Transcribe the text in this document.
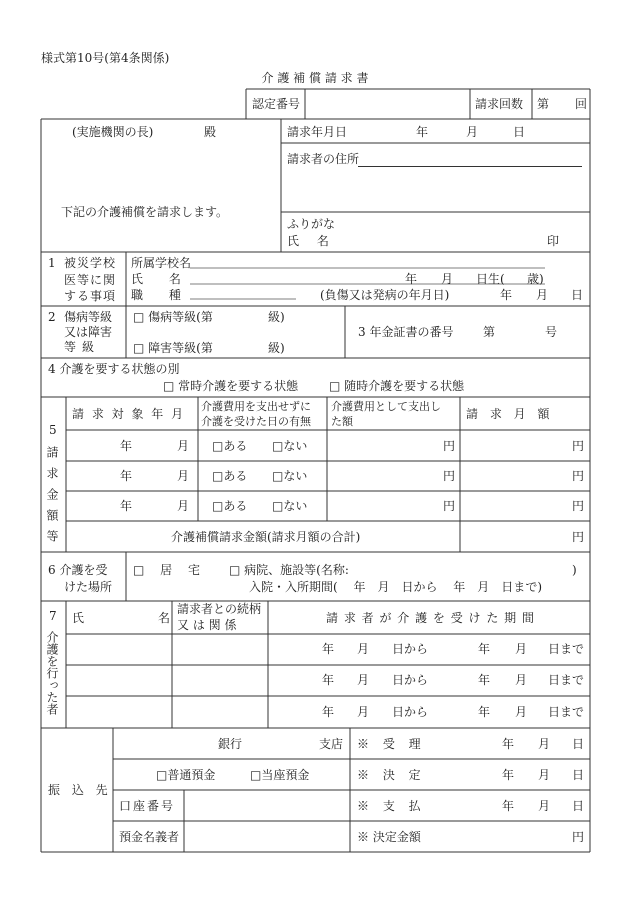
様式第10号(第4条関係)
介 護 補 償 請 求 書
認定番号	請求回数 第 回
(実施機関の長)	殿
下記の介護補償を請求します。
請求年月日	年	月	日
請求者の住所
ふりがな
氏 名	印
1 被災学校
医等に関
する事項
所属学校名
氏 名	年 月 日生( 歳)
職 種	(負傷又は発病の年月日)	年 月 日
2 傷病等級
又は障害
等級
□ 傷病等級(第	級)
□ 障害等級(第	級)
3 年金証書の番号 第	号
4 介護を要する状態の別
□ 常時介護を要する状態	□ 随時介護を要する状態
5
請求金額等
請 求 対 象 年 月
介護費用を支出せずに
介護を受けた日の有無
介護費用として支出し
た額
請 求 月 額
年	月 □ある □ない	円	円
年	月 □ある □ない	円	円
年	月 □ある □ない	円	円
介護補償請求金額(請求月額の合計)	円
6 介護を受
けた場所
□ 居 宅 □ 病院、施設等(名称:	)
入院・入所期間(　 年　月　日から　 年　月　日まで)
7
介護を行った者
氏	名
請求者との続柄
又 は 関 係	請 求 者 が 介 護 を 受 け た 期 間
年 月 日から	年 月 日まで
年 月 日から	年 月 日まで
年 月 日から	年 月 日まで
振 込 先
銀行	支店
□普通預金	□当座預金
口座番号
預金名義者
※ 受 理	年 月 日
※ 決 定	年 月 日
※ 支 払	年 月 日
※ 決定金額	円
